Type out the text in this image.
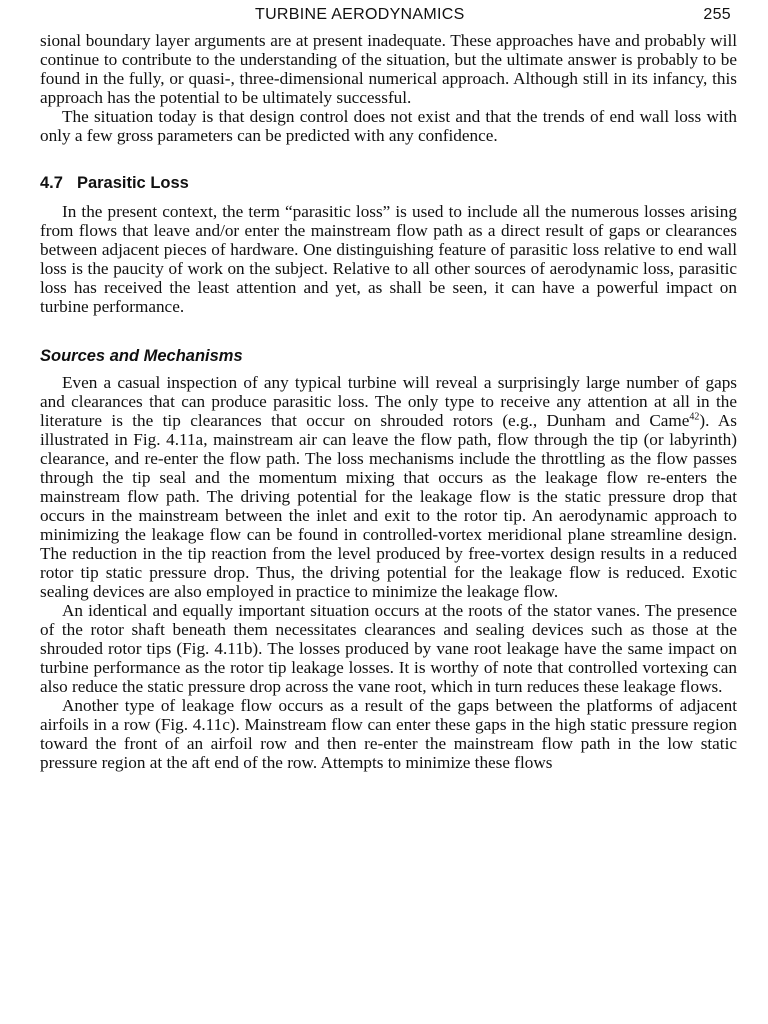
TURBINE AERODYNAMICS	255

sional boundary layer arguments are at present inadequate. These approaches have and probably will continue to contribute to the understanding of the situation, but the ultimate answer is probably to be found in the fully, or quasi-, three-dimensional numerical approach. Although still in its infancy, this approach has the potential to be ultimately successful.

The situation today is that design control does not exist and that the trends of end wall loss with only a few gross parameters can be predicted with any confidence.

4.7 Parasitic Loss

In the present context, the term “parasitic loss” is used to include all the numerous losses arising from flows that leave and/or enter the mainstream flow path as a direct result of gaps or clearances between adjacent pieces of hardware. One distinguishing feature of parasitic loss relative to end wall loss is the paucity of work on the subject. Relative to all other sources of aerodynamic loss, parasitic loss has received the least attention and yet, as shall be seen, it can have a powerful impact on turbine performance.

Sources and Mechanisms

Even a casual inspection of any typical turbine will reveal a surprisingly large number of gaps and clearances that can produce parasitic loss. The only type to receive any attention at all in the literature is the tip clearances that occur on shrouded rotors (e.g., Dunham and Came$^{42}$). As illustrated in Fig. 4.11a, mainstream air can leave the flow path, flow through the tip (or labyrinth) clearance, and re-enter the flow path. The loss mechanisms include the throttling as the flow passes through the tip seal and the momentum mixing that occurs as the leakage flow re-enters the mainstream flow path. The driving potential for the leakage flow is the static pressure drop that occurs in the mainstream between the inlet and exit to the rotor tip. An aerodynamic approach to minimizing the leakage flow can be found in controlled-vortex meridional plane streamline design. The reduction in the tip reaction from the level produced by free-vortex design results in a reduced rotor tip static pressure drop. Thus, the driving potential for the leakage flow is reduced. Exotic sealing devices are also employed in practice to minimize the leakage flow.

An identical and equally important situation occurs at the roots of the stator vanes. The presence of the rotor shaft beneath them necessitates clearances and sealing devices such as those at the shrouded rotor tips (Fig. 4.11b). The losses produced by vane root leakage have the same impact on turbine performance as the rotor tip leakage losses. It is worthy of note that controlled vortexing can also reduce the static pressure drop across the vane root, which in turn reduces these leakage flows.

Another type of leakage flow occurs as a result of the gaps between the platforms of adjacent airfoils in a row (Fig. 4.11c). Mainstream flow can enter these gaps in the high static pressure region toward the front of an airfoil row and then re-enter the mainstream flow path in the low static pressure region at the aft end of the row. Attempts to minimize these flows
